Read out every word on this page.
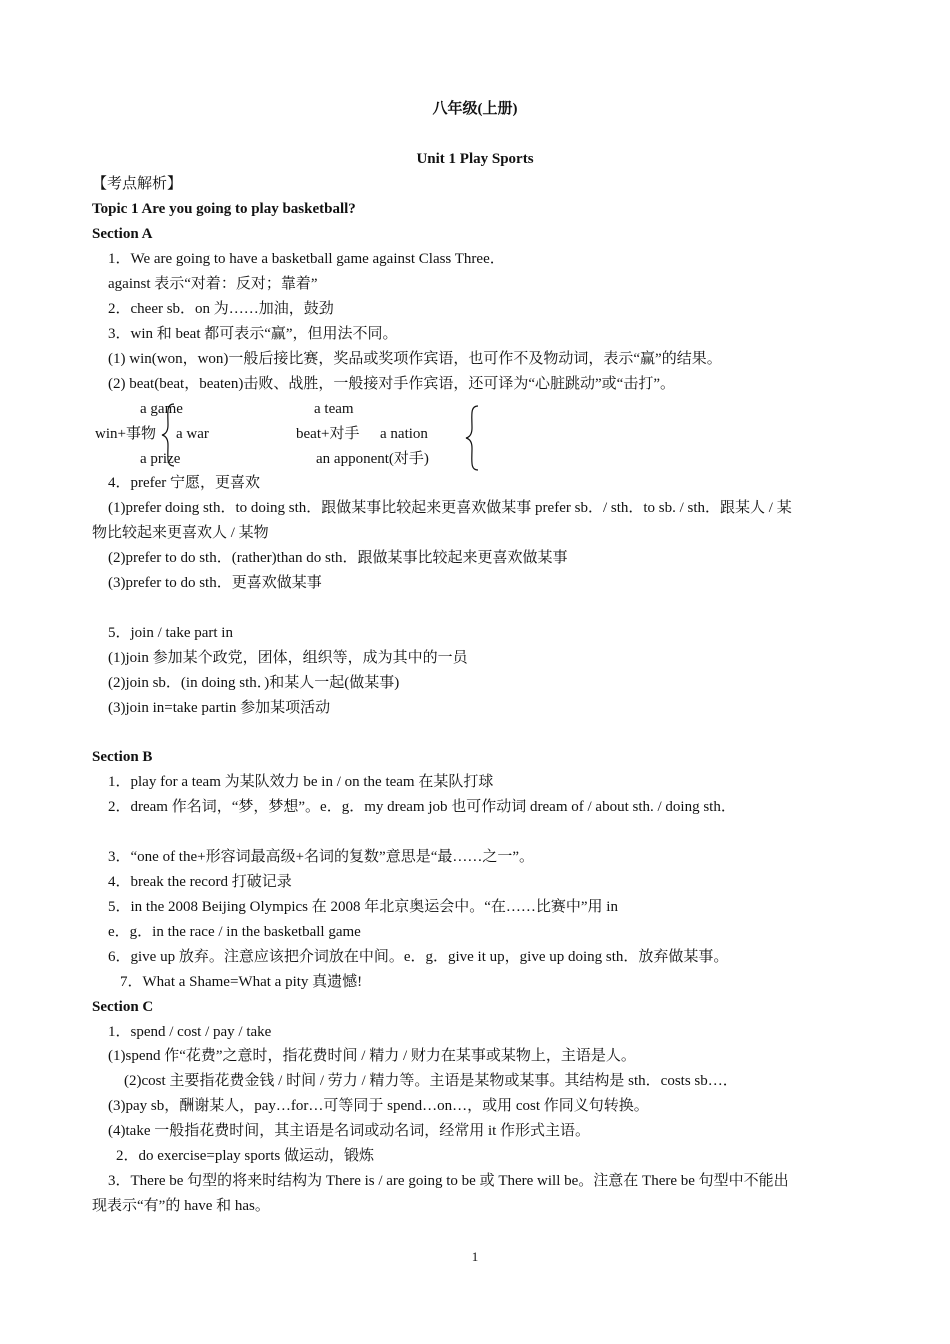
八年级(上册)
Unit 1 Play Sports
【考点解析】
Topic 1 Are you going to play basketball?
Section A
1．We are going to have a basketball game against Class Three．
against 表示“对着：反对；靠着”
2．cheer sb．on 为……加油，鼓劲
3．win 和 beat 都可表示“赢”，但用法不同。
(1) win(won，won)一般后接比赛，奖品或奖项作宾语，也可作不及物动词，表示“赢”的结果。
(2) beat(beat，beaten)击败、战胜，一般接对手作宾语，还可译为“心脏跳动”或“击打”。
a game
win+事物 a war
a prize
a team
beat+对手 a nation
an apponent(对手)
4．prefer 宁愿，更喜欢
(1)prefer doing sth．to doing sth．跟做某事比较起来更喜欢做某事 prefer sb．/ sth．to sb. / sth．跟某人 / 某
物比较起来更喜欢人 / 某物
(2)prefer to do sth．(rather)than do sth．跟做某事比较起来更喜欢做某事
(3)prefer to do sth．更喜欢做某事
5．join / take part in
(1)join 参加某个政党，团体，组织等，成为其中的一员
(2)join sb．(in doing sth．)和某人一起(做某事)
(3)join in=take partin 参加某项活动
Section B
1．play for a team 为某队效力 be in / on the team 在某队打球
2．dream 作名词，“梦，梦想”。e．g．my dream job 也可作动词 dream of / about sth. / doing sth．
3．“one of the+形容词最高级+名词的复数”意思是“最……之一”。
4．break the record 打破记录
5．in the 2008 Beijing Olympics 在 2008 年北京奥运会中。“在……比赛中”用 in
e．g．in the race / in the basketball game
6．give up 放弃。注意应该把介词放在中间。e．g．give it up，give up doing sth．放弃做某事。
7．What a Shame=What a pity 真遗憾!
Section C
1．spend / cost / pay / take
(1)spend 作“花费”之意时，指花费时间 / 精力 / 财力在某事或某物上，主语是人。
(2)cost 主要指花费金钱 / 时间 / 劳力 / 精力等。主语是某物或某事。其结构是 sth．costs sb…．
(3)pay sb，酬谢某人，pay…for…可等同于 spend…on…，或用 cost 作同义句转换。
(4)take 一般指花费时间，其主语是名词或动名词，经常用 it 作形式主语。
2．do exercise=play sports 做运动，锻炼
3．There be 句型的将来时结构为 There is / are going to be 或 There will be。注意在 There be 句型中不能出
现表示“有”的 have 和 has。
1
